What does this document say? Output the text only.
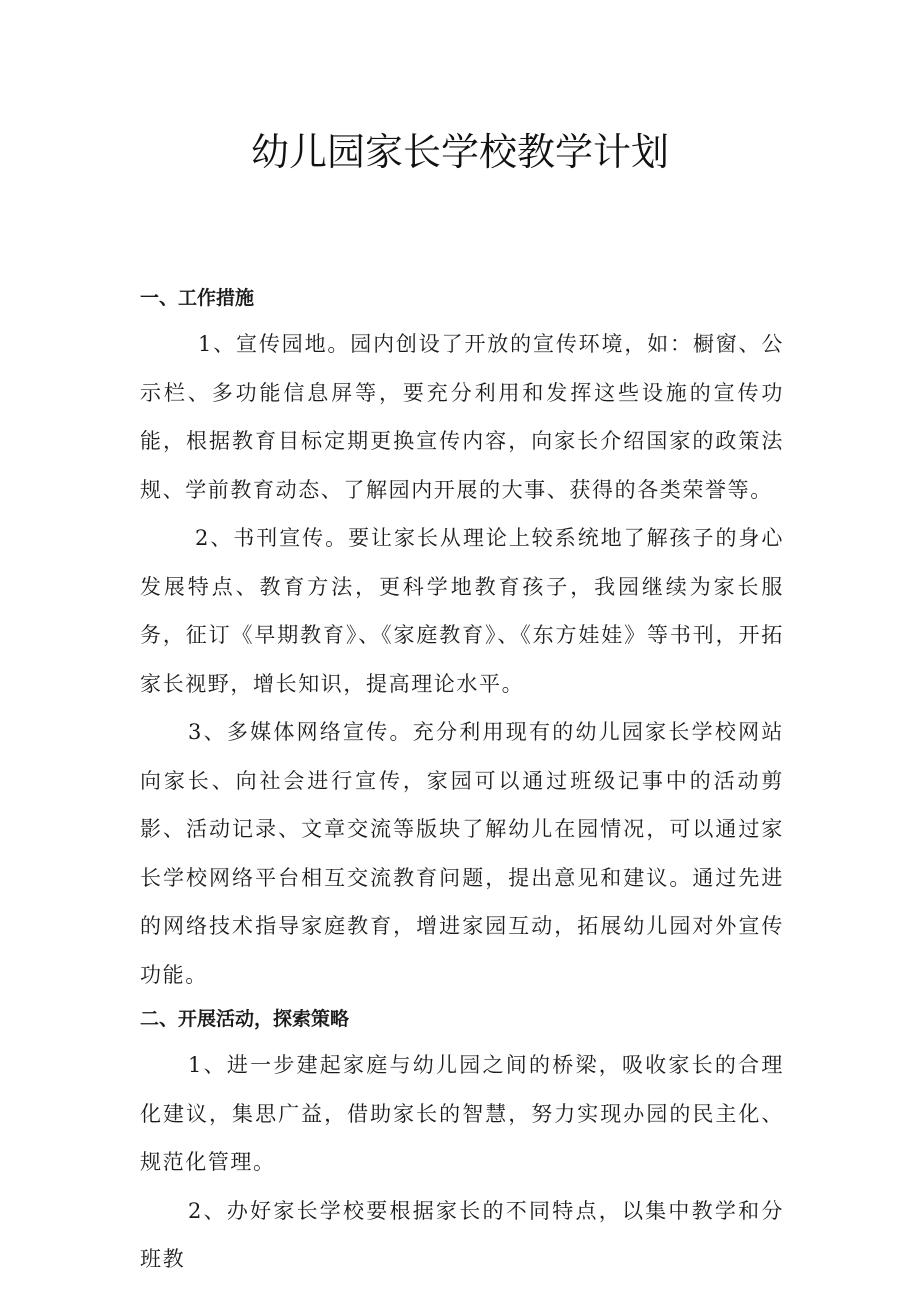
幼儿园家长学校教学计划
一、工作措施

1、宣传园地。园内创设了开放的宣传环境，如：橱窗、公示栏、多功能信息屏等，要充分利用和发挥这些设施的宣传功能，根据教育目标定期更换宣传内容，向家长介绍国家的政策法规、学前教育动态、了解园内开展的大事、获得的各类荣誉等。

2、书刊宣传。要让家长从理论上较系统地了解孩子的身心发展特点、教育方法，更科学地教育孩子，我园继续为家长服务，征订《早期教育》、《家庭教育》、《东方娃娃》等书刊，开拓家长视野，增长知识，提高理论水平。

3、多媒体网络宣传。充分利用现有的幼儿园家长学校网站向家长、向社会进行宣传，家园可以通过班级记事中的活动剪影、活动记录、文章交流等版块了解幼儿在园情况，可以通过家长学校网络平台相互交流教育问题，提出意见和建议。通过先进的网络技术指导家庭教育，增进家园互动，拓展幼儿园对外宣传功能。

二、开展活动，探索策略

1、进一步建起家庭与幼儿园之间的桥梁，吸收家长的合理化建议，集思广益，借助家长的智慧，努力实现办园的民主化、规范化管理。

2、办好家长学校要根据家长的不同特点，以集中教学和分班教
